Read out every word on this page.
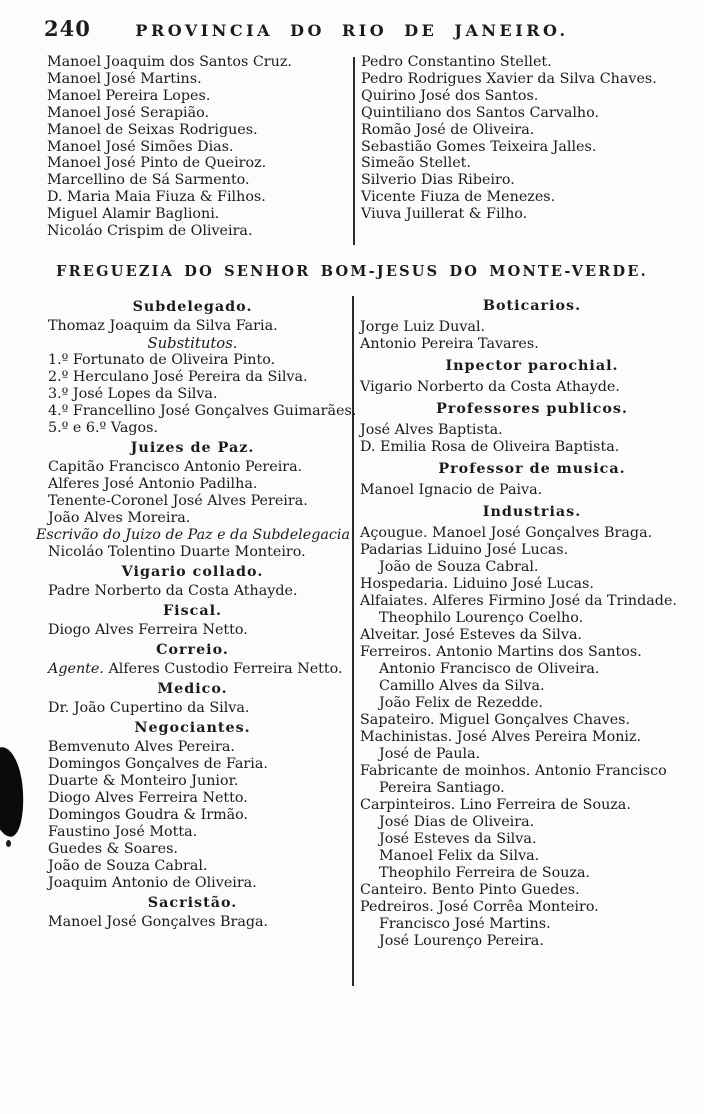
240	PROVINCIA DO RIO DE JANEIRO.
Manoel Joaquim dos Santos Cruz.
Manoel José Martins.
Manoel Pereira Lopes.
Manoel José Serapião.
Manoel de Seixas Rodrigues.
Manoel José Simões Dias.
Manoel José Pinto de Queiroz.
Marcellino de Sá Sarmento.
D. Maria Maia Fiuza & Filhos.
Miguel Alamir Baglioni.
Nicoláo Crispim de Oliveira.
Pedro Constantino Stellet.
Pedro Rodrigues Xavier da Silva Chaves.
Quirino José dos Santos.
Quintiliano dos Santos Carvalho.
Romão José de Oliveira.
Sebastião Gomes Teixeira Jalles.
Simeão Stellet.
Silverio Dias Ribeiro.
Vicente Fiuza de Menezes.
Viuva Juillerat & Filho.
FREGUEZIA DO SENHOR BOM-JESUS DO MONTE-VERDE.
Subdelegado.
Thomaz Joaquim da Silva Faria.
Substitutos.
1.º Fortunato de Oliveira Pinto.
2.º Herculano José Pereira da Silva.
3.º José Lopes da Silva.
4.º Francellino José Gonçalves Guimarães.
5.º e 6.º Vagos.
Juizes de Paz.
Capitão Francisco Antonio Pereira.
Alferes José Antonio Padilha.
Tenente-Coronel José Alves Pereira.
João Alves Moreira.
Escrivão do Juizo de Paz e da Subdelegacia
Nicoláo Tolentino Duarte Monteiro.
Vigario collado.
Padre Norberto da Costa Athayde.
Fiscal.
Diogo Alves Ferreira Netto.
Correio.
Agente. Alferes Custodio Ferreira Netto.
Medico.
Dr. João Cupertino da Silva.
Negociantes.
Bemvenuto Alves Pereira.
Domingos Gonçalves de Faria.
Duarte & Monteiro Junior.
Diogo Alves Ferreira Netto.
Domingos Goudra & Irmão.
Faustino José Motta.
Guedes & Soares.
João de Souza Cabral.
Joaquim Antonio de Oliveira.
Sacristão.
Manoel José Gonçalves Braga.
Boticarios.
Jorge Luiz Duval.
Antonio Pereira Tavares.
Inpector parochial.
Vigario Norberto da Costa Athayde.
Professores publicos.
José Alves Baptista.
D. Emilia Rosa de Oliveira Baptista.
Professor de musica.
Manoel Ignacio de Paiva.
Industrias.
Açougue. Manoel José Gonçalves Braga.
Padarias Liduino José Lucas.
João de Souza Cabral.
Hospedaria. Liduino José Lucas.
Alfaiates. Alferes Firmino José da Trindade.
Theophilo Lourenço Coelho.
Alveitar. José Esteves da Silva.
Ferreiros. Antonio Martins dos Santos.
Antonio Francisco de Oliveira.
Camillo Alves da Silva.
João Felix de Rezedde.
Sapateiro. Miguel Gonçalves Chaves.
Machinistas. José Alves Pereira Moniz.
José de Paula.
Fabricante de moinhos. Antonio Francisco
Pereira Santiago.
Carpinteiros. Lino Ferreira de Souza.
José Dias de Oliveira.
José Esteves da Silva.
Manoel Felix da Silva.
Theophilo Ferreira de Souza.
Canteiro. Bento Pinto Guedes.
Pedreiros. José Corrêa Monteiro.
Francisco José Martins.
José Lourenço Pereira.
